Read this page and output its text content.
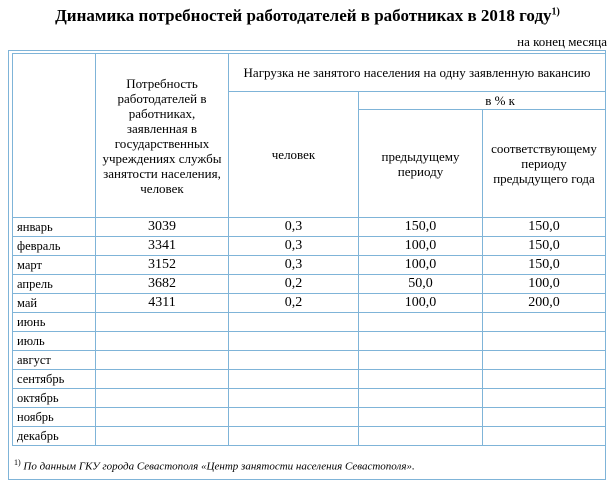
Динамика потребностей работодателей в работниках в 2018 году$^{1)}$
на конец месяца
	Потребность работодателей в работниках, заявленная в государственных учреждениях службы занятости населения, человек	Нагрузка не занятого населения на одну заявленную вакансию		
		человек	в % к	
			предыдущему периоду	соответствующему периоду предыдущего года
январь	3039	0,3	150,0	150,0
февраль	3341	0,3	100,0	150,0
март	3152	0,3	100,0	150,0
апрель	3682	0,2	50,0	100,0
май	4311	0,2	100,0	200,0
июнь				
июль				
август				
сентябрь				
октябрь				
ноябрь				
декабрь				
$^{1)}$ По данным ГКУ города Севастополя «Центр занятости населения Севастополя».
